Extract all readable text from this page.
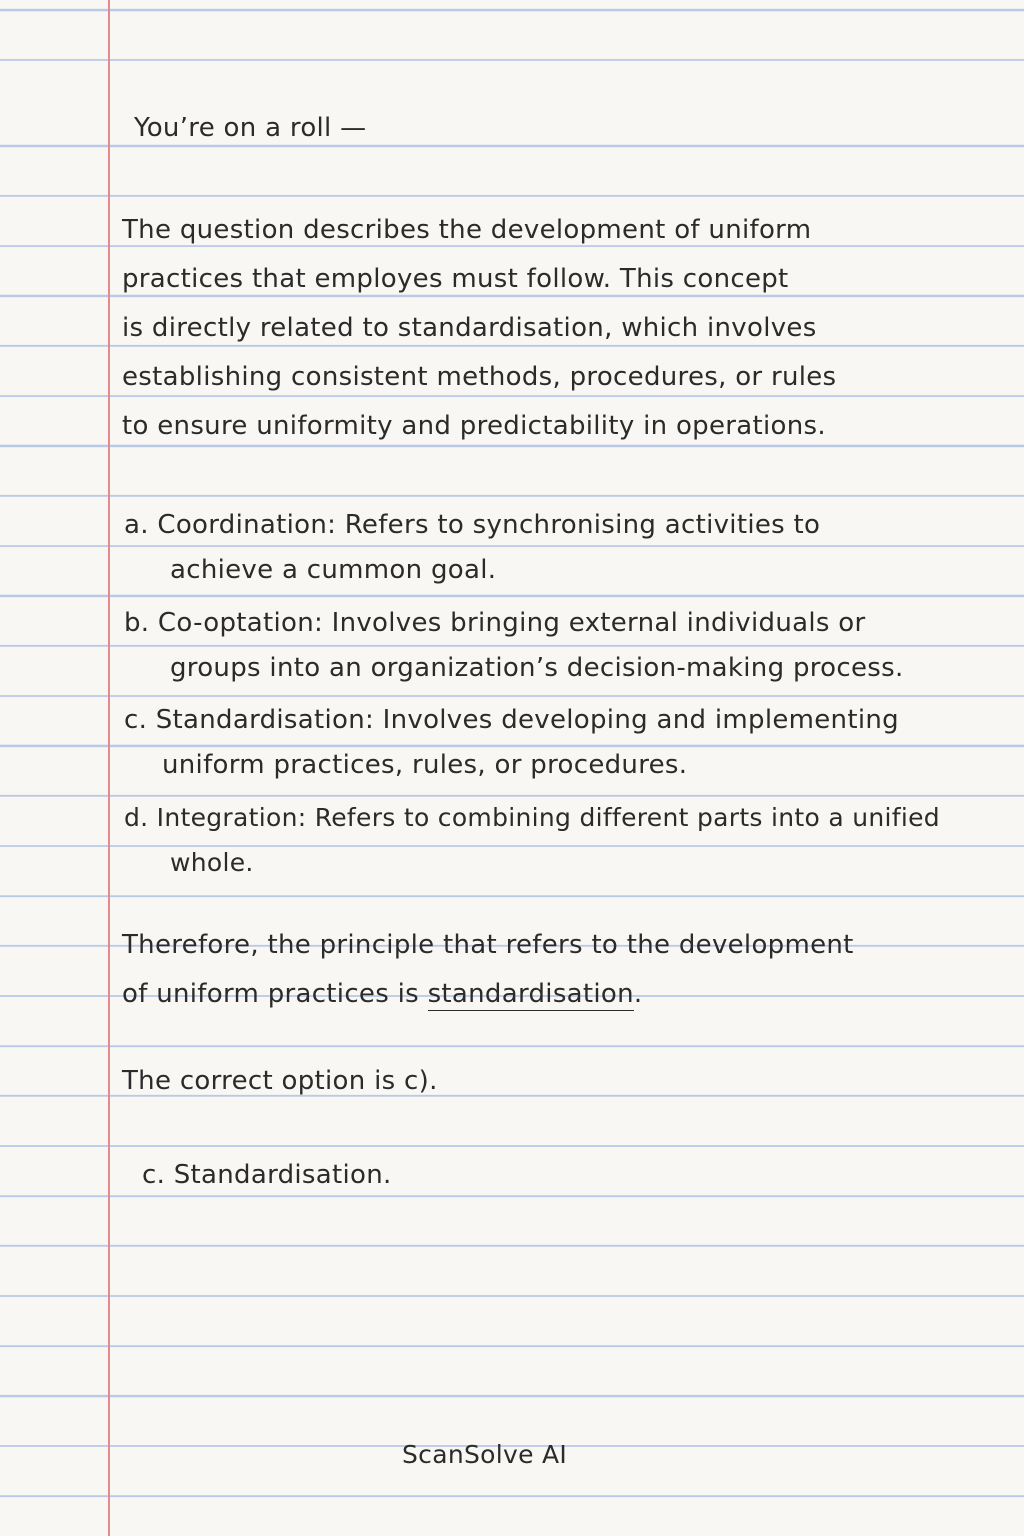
You’re on a roll —
The question describes the development of uniform
practices that employes must follow. This concept
is directly related to standardisation, which involves
establishing consistent methods, procedures, or rules
to ensure uniformity and predictability in operations.
a. Coordination: Refers to synchronising activities to
achieve a cummon goal.
b. Co-optation: Involves bringing external individuals or
groups into an organization’s decision-making process.
c. Standardisation: Involves developing and implementing
uniform practices, rules, or procedures.
d. Integration: Refers to combining different parts into a unified
whole.
Therefore, the principle that refers to the development
of uniform practices is standardisation.
The correct option is c).
c. Standardisation.
ScanSolve AI
